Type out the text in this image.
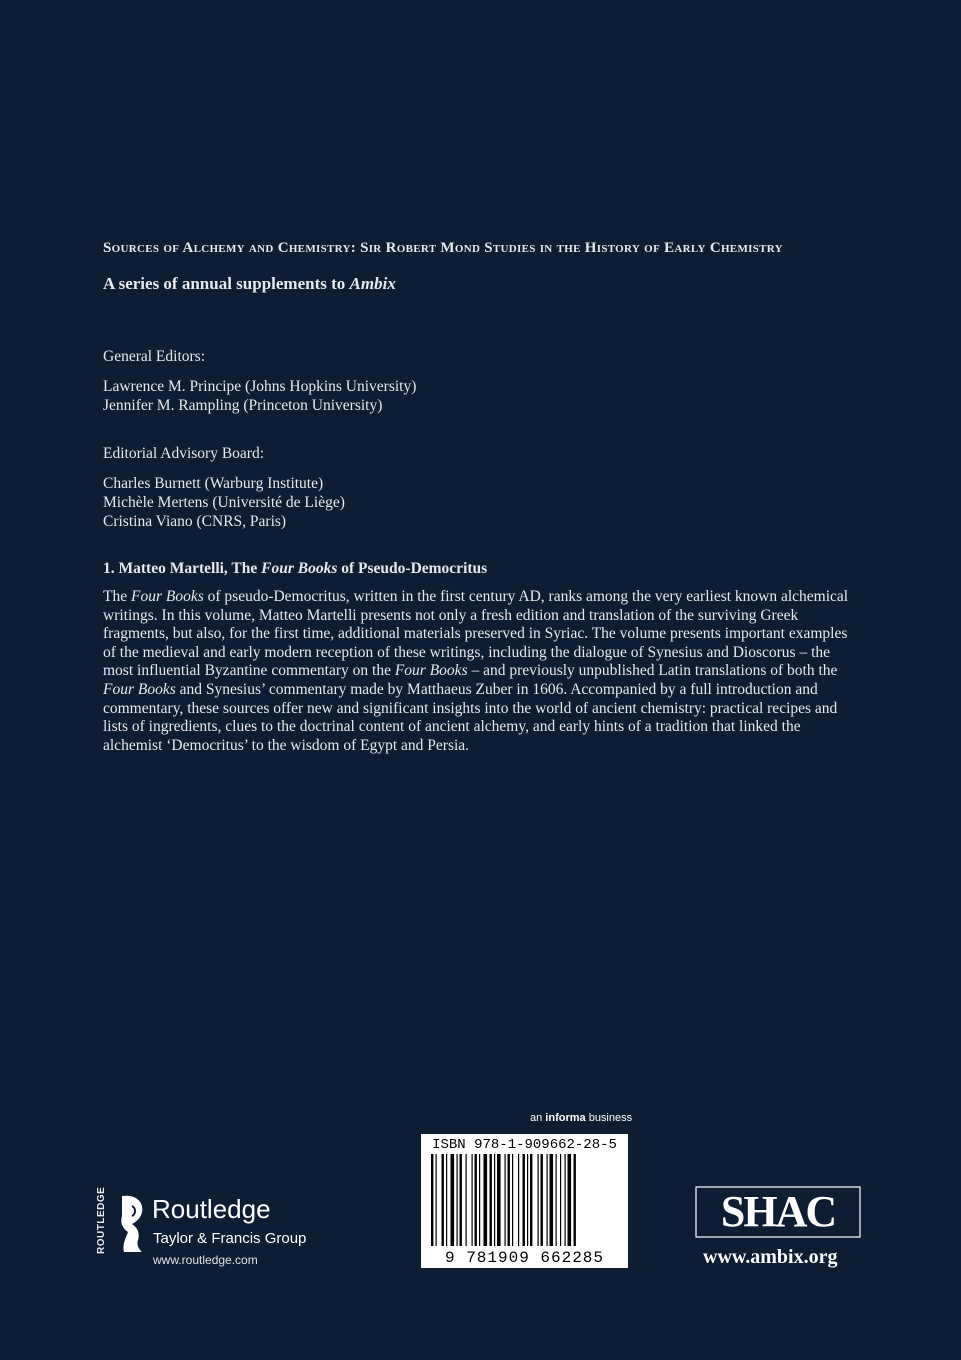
Sources of Alchemy and Chemistry: Sir Robert Mond Studies in the History of Early Chemistry
A series of annual supplements to Ambix
General Editors:
Lawrence M. Principe (Johns Hopkins University)
Jennifer M. Rampling (Princeton University)
Editorial Advisory Board:
Charles Burnett (Warburg Institute)
Michèle Mertens (Université de Liège)
Cristina Viano (CNRS, Paris)
1. Matteo Martelli, The Four Books of Pseudo-Democritus
The Four Books of pseudo-Democritus, written in the first century AD, ranks among the very earliest known alchemical writings. In this volume, Matteo Martelli presents not only a fresh edition and translation of the surviving Greek fragments, but also, for the first time, additional materials preserved in Syriac. The volume presents important examples of the medieval and early modern reception of these writings, including the dialogue of Synesius and Dioscorus – the most influential Byzantine commentary on the Four Books – and previously unpublished Latin translations of both the Four Books and Synesius’ commentary made by Matthaeus Zuber in 1606. Accompanied by a full introduction and commentary, these sources offer new and significant insights into the world of ancient chemistry: practical recipes and lists of ingredients, clues to the doctrinal content of ancient alchemy, and early hints of a tradition that linked the alchemist ‘Democritus’ to the wisdom of Egypt and Persia.
an informa business
ISBN 978-1-909662-28-5
9 781909 662285
ROUTLEDGE Routledge
Taylor & Francis Group
www.routledge.com
SHAC
www.ambix.org
